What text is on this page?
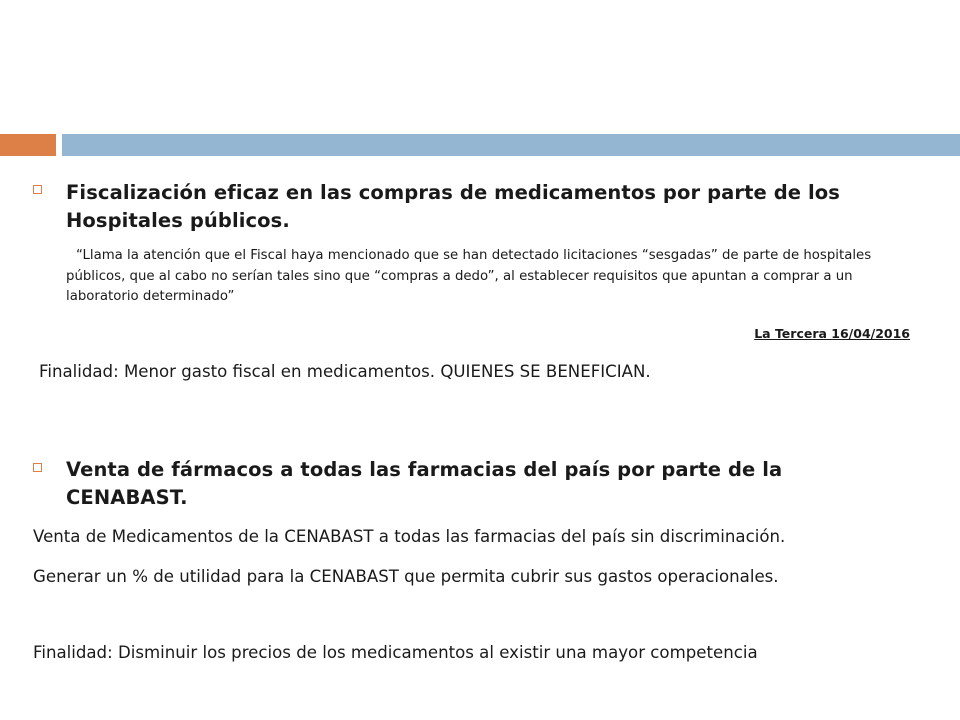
Fiscalización eficaz en las compras de medicamentos por parte de los Hospitales públicos.
“Llama la atención que el Fiscal haya mencionado que se han detectado licitaciones “sesgadas” de parte de hospitales públicos, que al cabo no serían tales sino que “compras a dedo”, al establecer requisitos que apuntan a comprar a un laboratorio determinado”
La Tercera 16/04/2016
Finalidad: Menor gasto fiscal en medicamentos. QUIENES SE BENEFICIAN.
Venta de fármacos a todas las farmacias del país por parte de la CENABAST.
Venta de Medicamentos de la CENABAST a todas las farmacias del país sin discriminación.
Generar un % de utilidad para la CENABAST que permita cubrir sus gastos operacionales.
Finalidad: Disminuir los precios de los medicamentos al existir una mayor competencia
